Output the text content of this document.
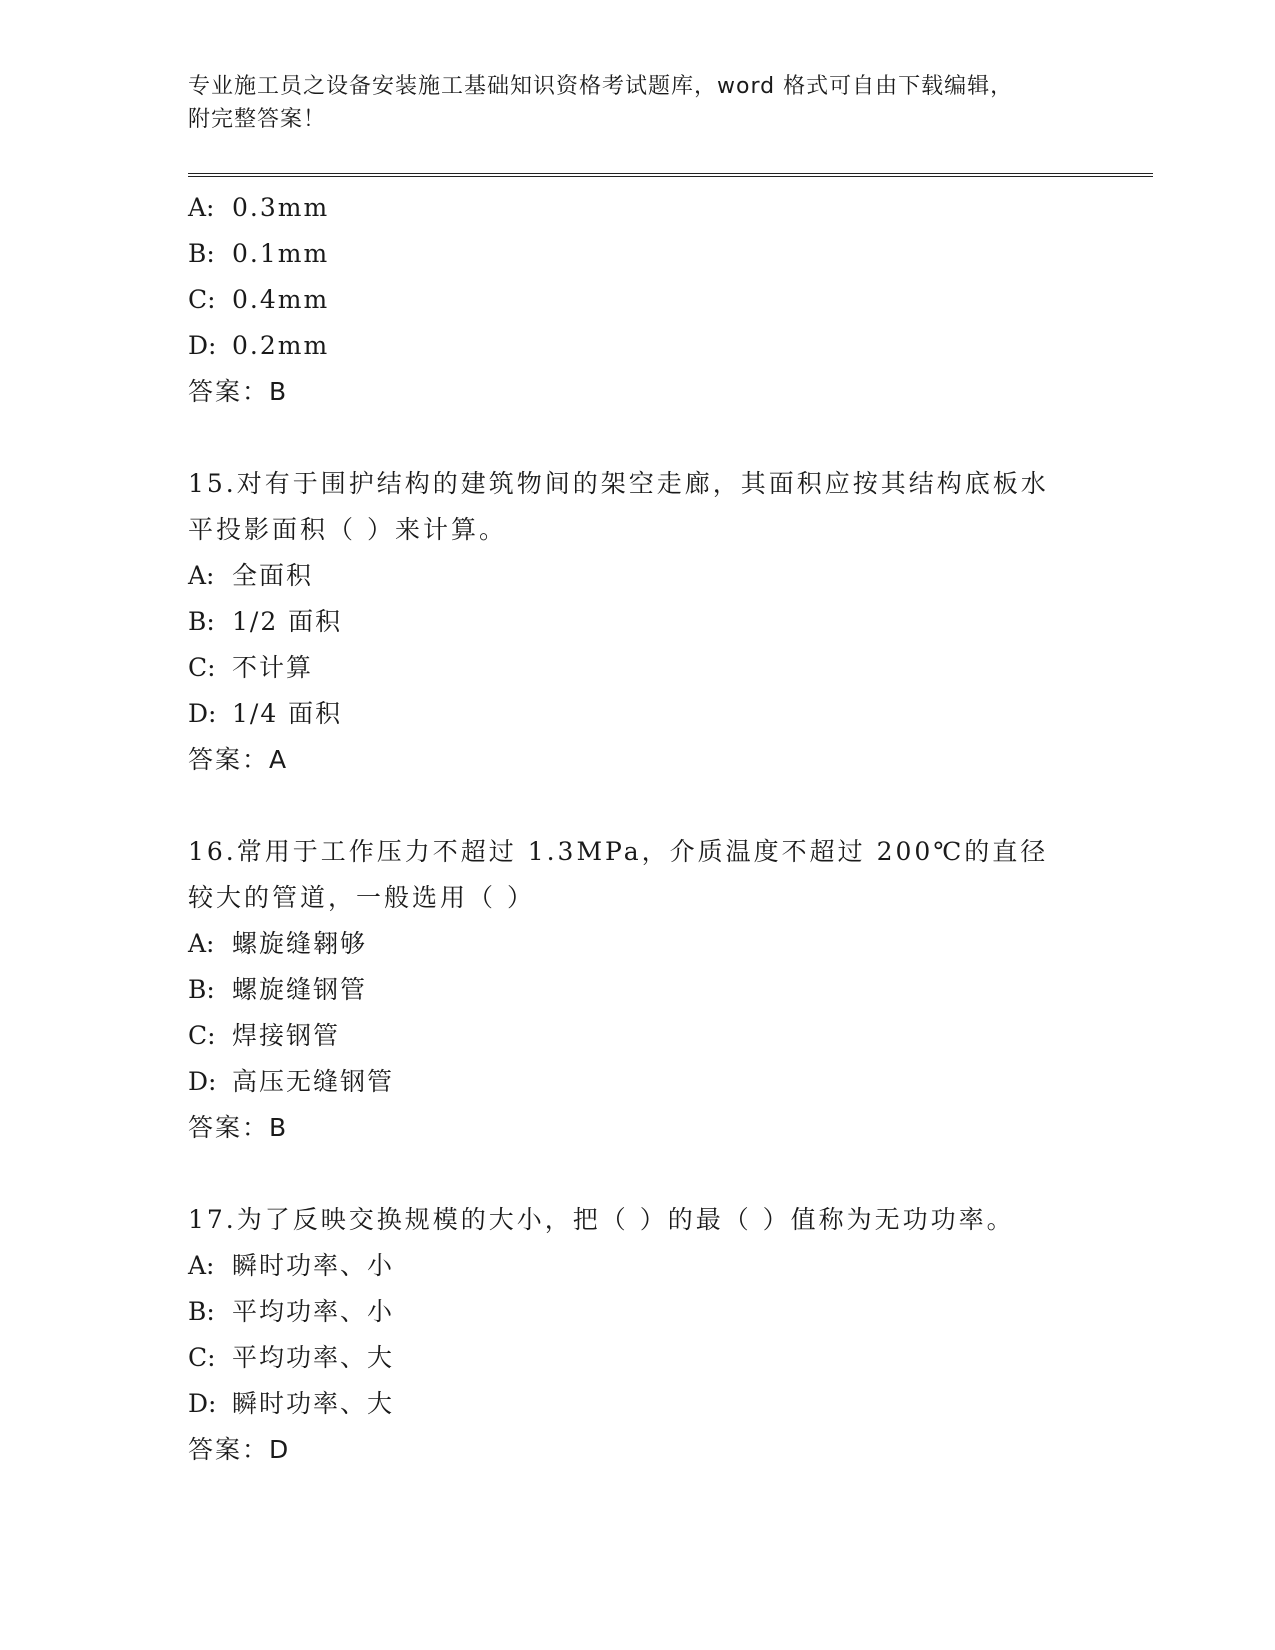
专业施工员之设备安装施工基础知识资格考试题库，word 格式可自由下载编辑，
附完整答案！
A: 0.3mm
B: 0.1mm
C: 0.4mm
D: 0.2mm
答案：B
15.对有于围护结构的建筑物间的架空走廊，其面积应按其结构底板水平投影面积（ ）来计算。
A: 全面积
B: 1/2 面积
C: 不计算
D: 1/4 面积
答案：A
16.常用于工作压力不超过 1.3MPa，介质温度不超过 200℃的直径较大的管道，一般选用（ ）
A: 螺旋缝翱够
B: 螺旋缝钢管
C: 焊接钢管
D: 高压无缝钢管
答案：B
17.为了反映交换规模的大小，把（ ）的最（ ）值称为无功功率。
A: 瞬时功率、小
B: 平均功率、小
C: 平均功率、大
D: 瞬时功率、大
答案：D
